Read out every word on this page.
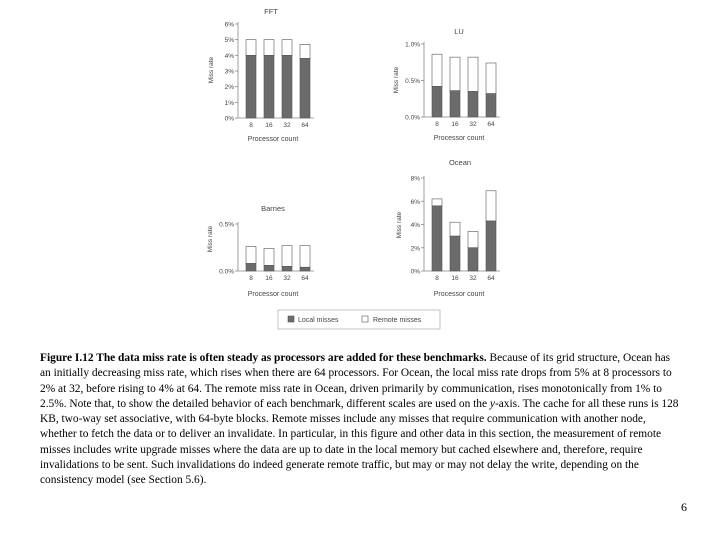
0%
1%
2%
3%
4%
5%
6%
8 16 32 64
FFT
Processor count
Miss rate
0.0%
0.5%
1.0%
8 16 32 64
LU
Processor count
Miss rate
0.0%
0.5%
8 16 32 64
Barnes
Processor count
Miss rate
0%
2%
4%
6%
8%
8 16 32 64
Ocean
Processor count
Miss rate
Local misses	Remote misses
Figure I.12 The data miss rate is often steady as processors are added for these benchmarks. Because of its grid structure, Ocean has an initially decreasing miss rate, which rises when there are 64 processors. For Ocean, the local miss rate drops from 5% at 8 processors to 2% at 32, before rising to 4% at 64. The remote miss rate in Ocean, driven primarily by communication, rises monotonically from 1% to 2.5%. Note that, to show the detailed behavior of each benchmark, different scales are used on the y-axis. The cache for all these runs is 128 KB, two-way set associative, with 64-byte blocks. Remote misses include any misses that require communication with another node, whether to fetch the data or to deliver an invalidate. In particular, in this figure and other data in this section, the measurement of remote misses includes write upgrade misses where the data are up to date in the local memory but cached elsewhere and, therefore, require invalidations to be sent. Such invalidations do indeed generate remote traffic, but may or may not delay the write, depending on the consistency model (see Section 5.6).
6
